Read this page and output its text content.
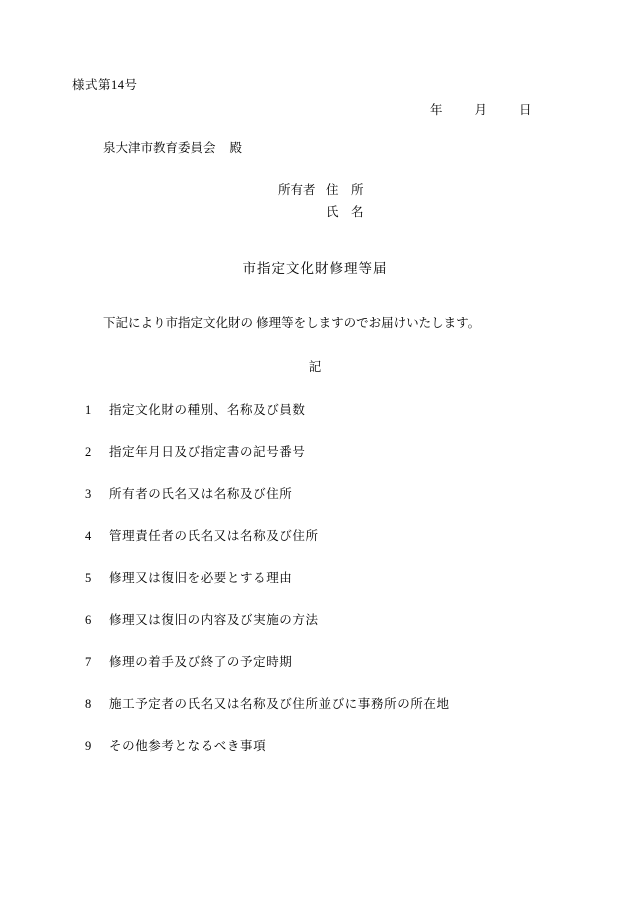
様式第14号
年	月	日
泉大津市教育委員会 殿
所有者 住　所
氏　名
市指定文化財修理等届
下記により市指定文化財の 修理等をしますのでお届けいたします。
記
1 指定文化財の種別、名称及び員数
2 指定年月日及び指定書の記号番号
3 所有者の氏名又は名称及び住所
4 管理責任者の氏名又は名称及び住所
5 修理又は復旧を必要とする理由
6 修理又は復旧の内容及び実施の方法
7 修理の着手及び終了の予定時期
8 施工予定者の氏名又は名称及び住所並びに事務所の所在地
9 その他参考となるべき事項
